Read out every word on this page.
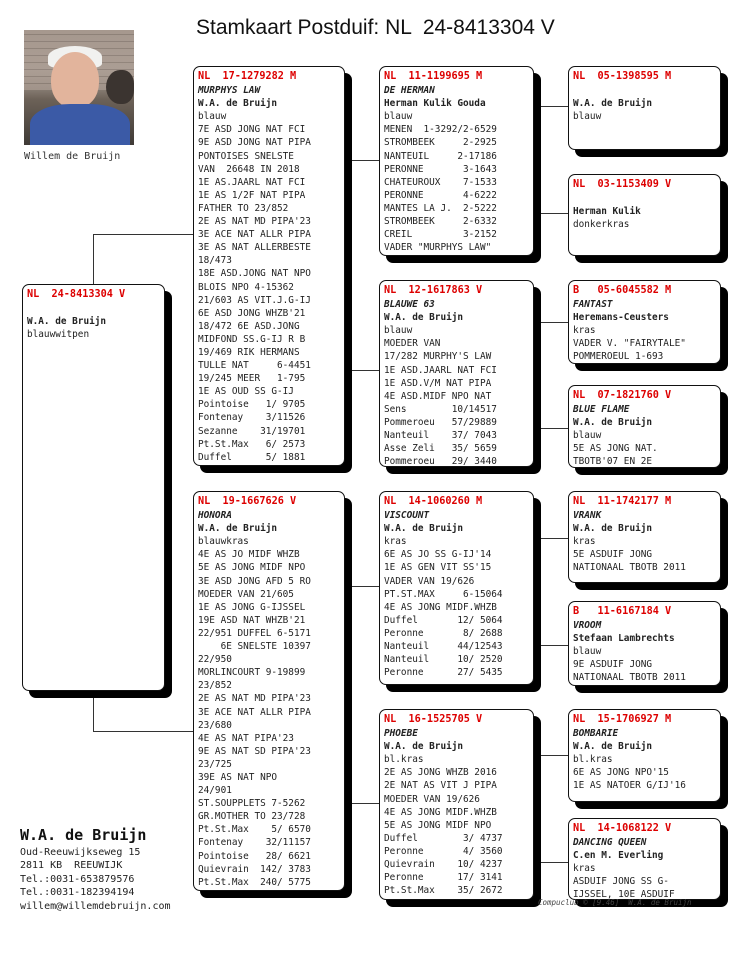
Stamkaart Postduif: NL  24-8413304 V
Willem de Bruijn
NL  24-8413304 V
W.A. de Bruijn
blauwwitpen
NL  17-1279282 M
MURPHYS LAW
W.A. de Bruijn
blauw
7E ASD JONG NAT FCI
9E ASD JONG NAT PIPA
PONTOISES SNELSTE
VAN  26648 IN 2018
1E AS.JAARL NAT FCI
1E AS 1/2F NAT PIPA
FATHER TO 23/852
2E AS NAT MD PIPA'23
3E ACE NAT ALLR PIPA
3E AS NAT ALLERBESTE
18/473
18E ASD.JONG NAT NPO
BLOIS NPO 4-15362
21/603 AS VIT.J.G-IJ
6E ASD JONG WHZB'21
18/472 6E ASD.JONG
MIDFOND SS.G-IJ R B
19/469 RIK HERMANS
TULLE NAT     6-4451
19/245 MEER   1-795
1E AS OUD SS G-IJ
Pointoise   1/ 9705
Fontenay    3/11526
Sezanne    31/19701
Pt.St.Max   6/ 2573
Duffel      5/ 1881
NL  19-1667626 V
HONORA
W.A. de Bruijn
blauwkras
4E AS JO MIDF WHZB
5E AS JONG MIDF NPO
3E ASD JONG AFD 5 RO
MOEDER VAN 21/605
1E AS JONG G-IJSSEL
19E ASD NAT WHZB'21
22/951 DUFFEL 6-5171
6E SNELSTE 10397
22/950
MORLINCOURT 9-19899
23/852
2E AS NAT MD PIPA'23
3E ACE NAT ALLR PIPA
23/680
4E AS NAT PIPA'23
9E AS NAT SD PIPA'23
23/725
39E AS NAT NPO
24/901
ST.SOUPPLETS 7-5262
GR.MOTHER TO 23/728
Pt.St.Max    5/ 6570
Fontenay    32/11157
Pointoise   28/ 6621
Quievrain  142/ 3783
Pt.St.Max  240/ 5775
NL  11-1199695 M
DE HERMAN
Herman Kulik Gouda
blauw
MENEN  1-3292/2-6529
STROMBEEK     2-2925
NANTEUIL     2-17186
PERONNE       3-1643
CHATEUROUX    7-1533
PERONNE       4-6222
MANTES LA J.  2-5222
STROMBEEK     2-6332
CREIL         3-2152
VADER "MURPHYS LAW"
NL  12-1617863 V
BLAUWE 63
W.A. de Bruijn
blauw
MOEDER VAN
17/282 MURPHY'S LAW
1E ASD.JAARL NAT FCI
1E ASD.V/M NAT PIPA
4E ASD.MIDF NPO NAT
Sens        10/14517
Pommeroeu   57/29889
Nanteuil    37/ 7043
Asse Zeli   35/ 5659
Pommeroeu   29/ 3440
NL  14-1060260 M
VISCOUNT
W.A. de Bruijn
kras
6E AS JO SS G-IJ'14
1E AS GEN VIT SS'15
VADER VAN 19/626
PT.ST.MAX     6-15064
4E AS JONG MIDF.WHZB
Duffel       12/ 5064
Peronne       8/ 2688
Nanteuil     44/12543
Nanteuil     10/ 2520
Peronne      27/ 5435
NL  16-1525705 V
PHOEBE
W.A. de Bruijn
bl.kras
2E AS JONG WHZB 2016
2E NAT AS VIT J PIPA
MOEDER VAN 19/626
4E AS JONG MIDF.WHZB
5E AS JONG MIDF NPO
Duffel        3/ 4737
Peronne       4/ 3560
Quievrain    10/ 4237
Peronne      17/ 3141
Pt.St.Max    35/ 2672
NL  05-1398595 M
W.A. de Bruijn
blauw
NL  03-1153409 V
Herman Kulik
donkerkras
B   05-6045582 M
FANTAST
Heremans-Ceusters
kras
VADER V. "FAIRYTALE"
POMMEROEUL 1-693
NL  07-1821760 V
BLUE FLAME
W.A. de Bruijn
blauw
5E AS JONG NAT.
TBOTB'07 EN 2E
NL  11-1742177 M
VRANK
W.A. de Bruijn
kras
5E ASDUIF JONG
NATIONAAL TBOTB 2011
B   11-6167184 V
VROOM
Stefaan Lambrechts
blauw
9E ASDUIF JONG
NATIONAAL TBOTB 2011
NL  15-1706927 M
BOMBARIE
W.A. de Bruijn
bl.kras
6E AS JONG NPO'15
1E AS NATOER G/IJ'16
NL  14-1068122 V
DANCING QUEEN
C.en M. Everling
kras
ASDUIF JONG SS G-
IJSSEL, 10E ASDUIF
W.A. de Bruijn
Oud-Reeuwijkseweg 15
2811 KB  REEUWIJK
Tel.:0031-653879576
Tel.:0031-182394194
willem@willemdebruijn.com	Compuclub © [9.46]  W.A. de Bruijn
